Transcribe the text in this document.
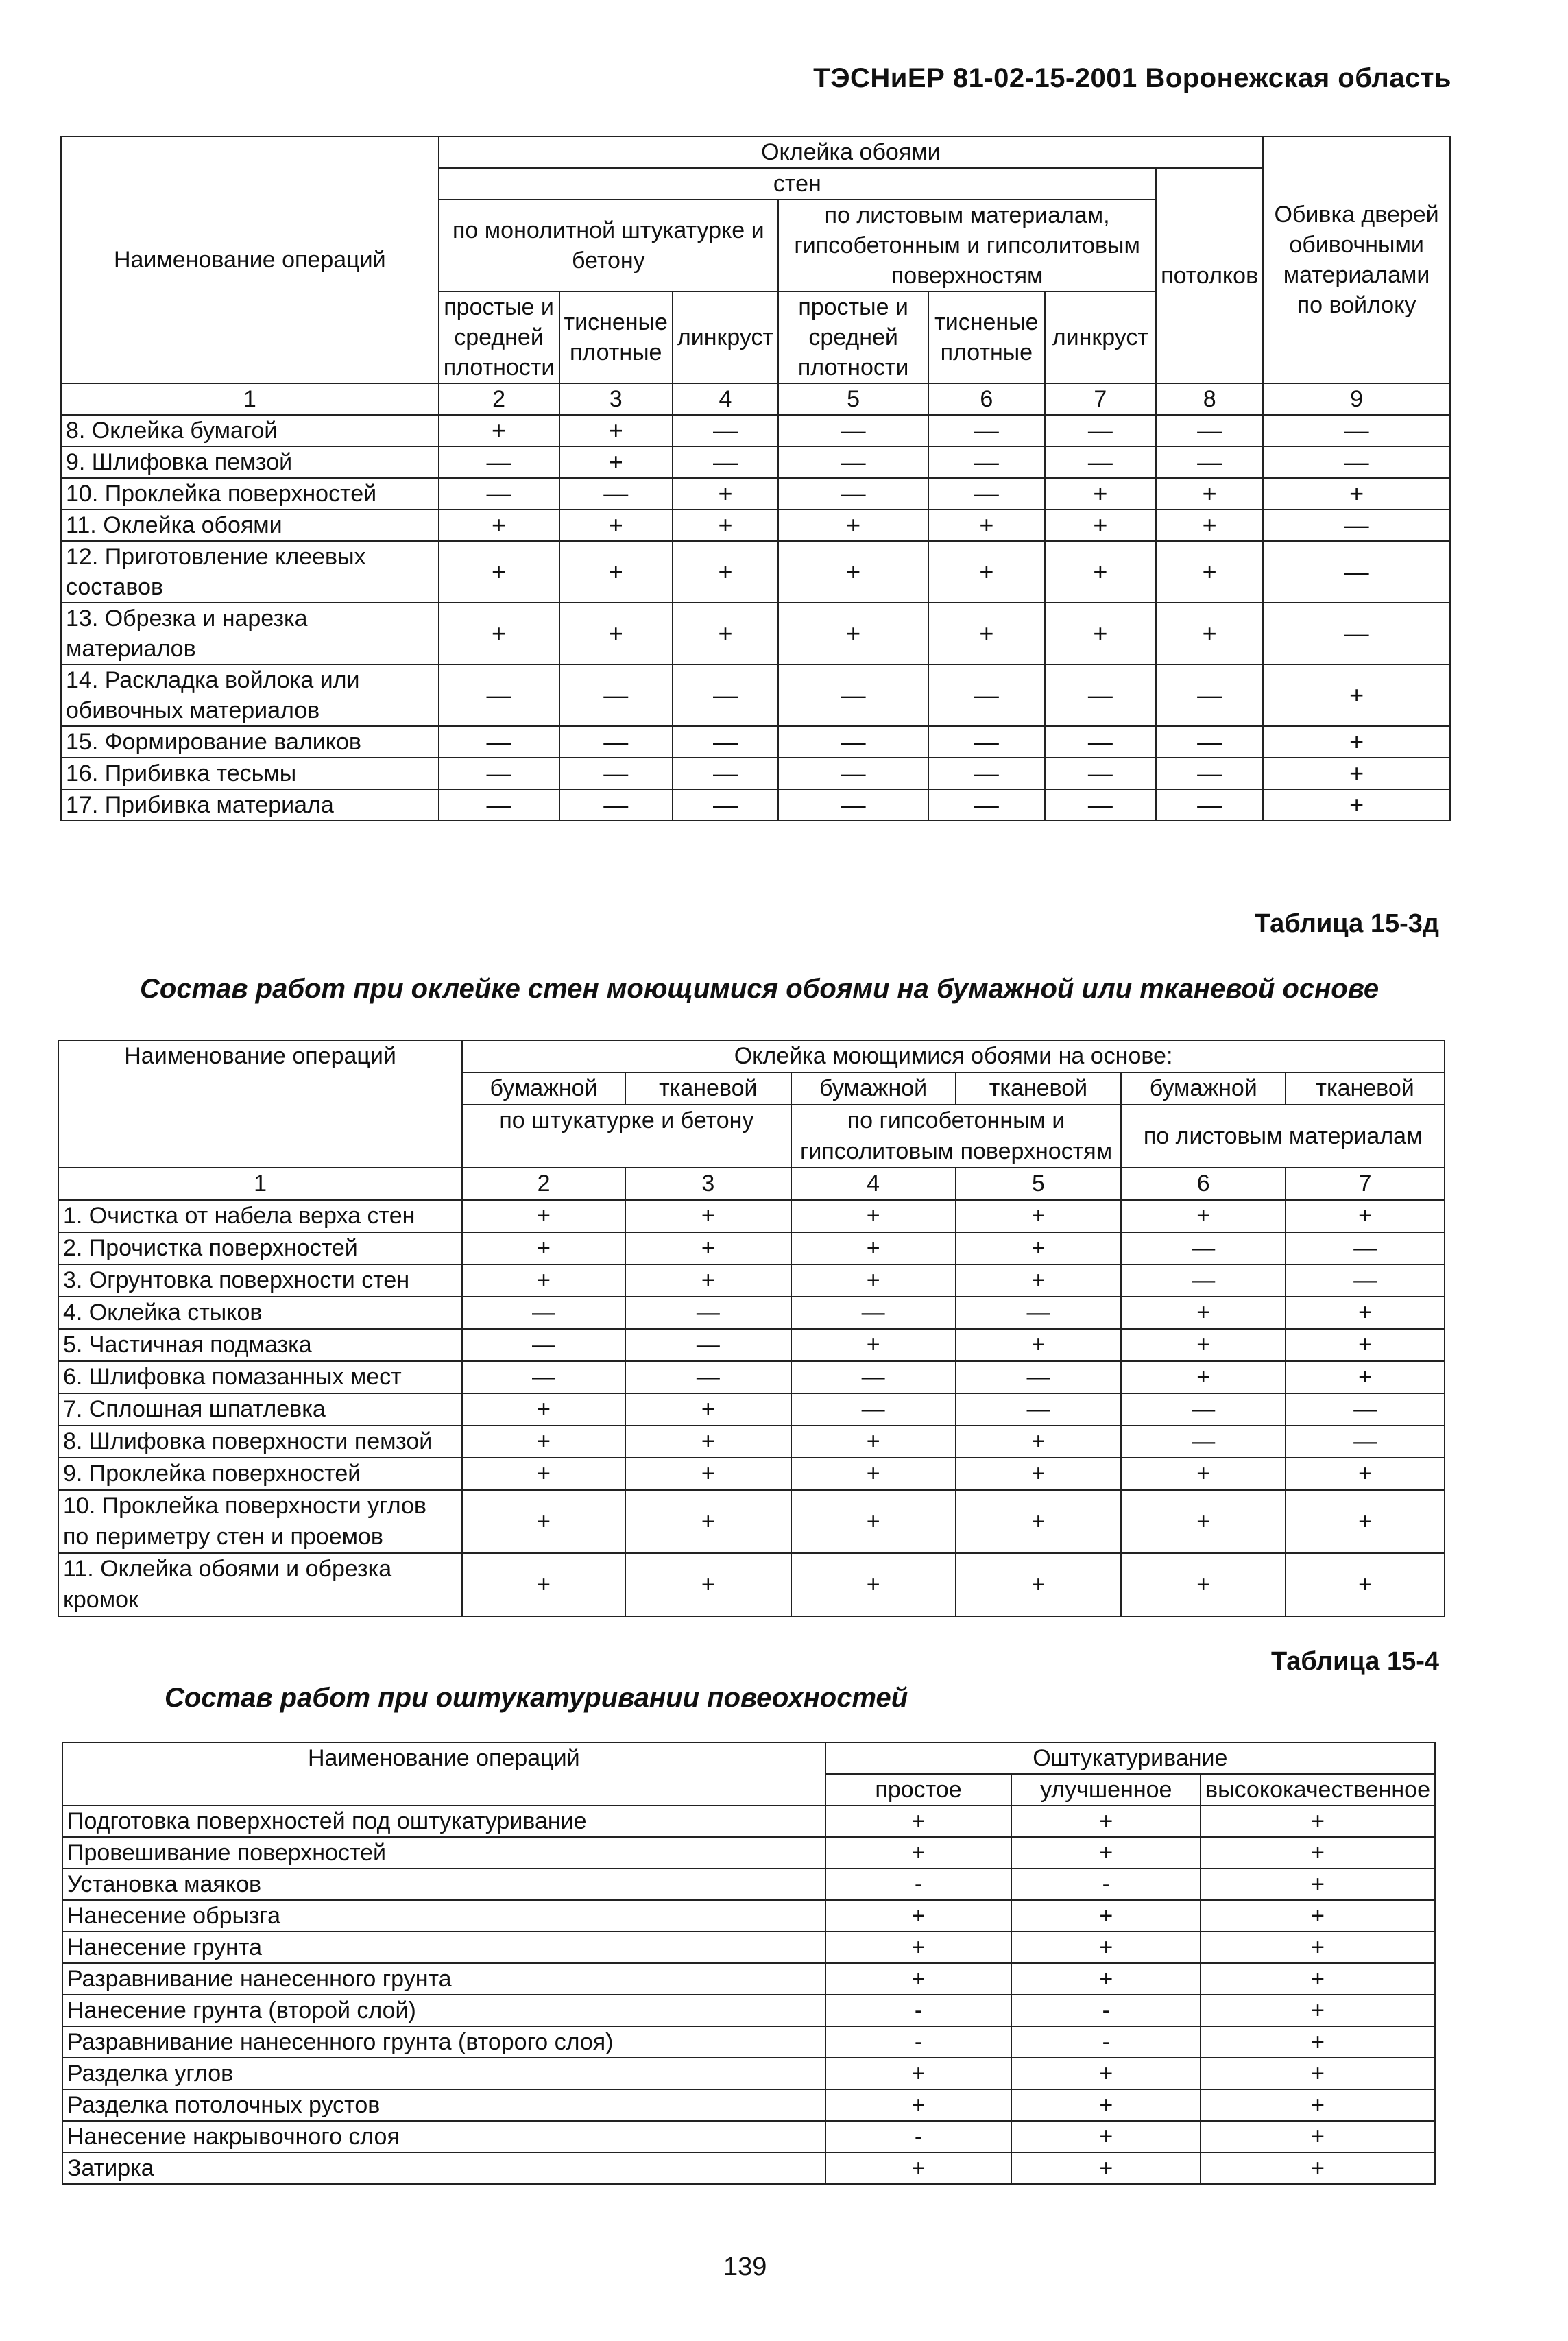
ТЭСНиЕР 81-02-15-2001 Воронежская область
Наименование операций	Оклейка обоями							Обивка дверей обивочными материалами по войлоку
	стен						потолков	
	по монолитной штукатурке и бетону			по листовым материалам, гипсобетонным и гипсолитовым поверхностям				
	простые и средней плотности	тисненые плотные	линкруст	простые и средней плотности	тисненые плотные	линкруст		
1	2	3	4	5	6	7	8	9
8. Оклейка бумагой	+	+	—	—	—	—	—	—
9. Шлифовка пемзой	—	+	—	—	—	—	—	—
10. Проклейка поверхностей	—	—	+	—	—	+	+	+
11. Оклейка обоями	+	+	+	+	+	+	+	—
12. Приготовление клеевых составов	+	+	+	+	+	+	+	—
13. Обрезка и нарезка материалов	+	+	+	+	+	+	+	—
14. Раскладка войлока или обивочных материалов	—	—	—	—	—	—	—	+
15. Формирование валиков	—	—	—	—	—	—	—	+
16. Прибивка тесьмы	—	—	—	—	—	—	—	+
17. Прибивка материала	—	—	—	—	—	—	—	+
Таблица 15-3д
Состав работ при оклейке стен моющимися обоями на бумажной или тканевой основе
Наименование операций	Оклейка моющимися обоями на основе:					
	бумажной	тканевой	бумажной	тканевой	бумажной	тканевой
	по штукатурке и бетону		по гипсобетонным и гипсолитовым поверхностям		по листовым материалам	
1	2	3	4	5	6	7
1. Очистка от набела верха стен	+	+	+	+	+	+
2. Прочистка поверхностей	+	+	+	+	—	—
3. Огрунтовка поверхности стен	+	+	+	+	—	—
4. Оклейка стыков	—	—	—	—	+	+
5. Частичная подмазка	—	—	+	+	+	+
6. Шлифовка помазанных мест	—	—	—	—	+	+
7. Сплошная шпатлевка	+	+	—	—	—	—
8. Шлифовка поверхности пемзой	+	+	+	+	—	—
9. Проклейка поверхностей	+	+	+	+	+	+
10. Проклейка поверхности углов по периметру стен и проемов	+	+	+	+	+	+
11. Оклейка обоями и обрезка кромок	+	+	+	+	+	+
Таблица 15-4
Состав работ при оштукатуривании повеохностей
Наименование операций	Оштукатуривание		
	простое	улучшенное	высококачественное
Подготовка поверхностей под оштукатуривание	+	+	+
Провешивание поверхностей	+	+	+
Установка маяков	-	-	+
Нанесение обрызга	+	+	+
Нанесение грунта	+	+	+
Разравнивание нанесенного грунта	+	+	+
Нанесение грунта (второй слой)	-	-	+
Разравнивание нанесенного грунта (второго слоя)	-	-	+
Разделка углов	+	+	+
Разделка потолочных рустов	+	+	+
Нанесение накрывочного слоя	-	+	+
Затирка	+	+	+
139
